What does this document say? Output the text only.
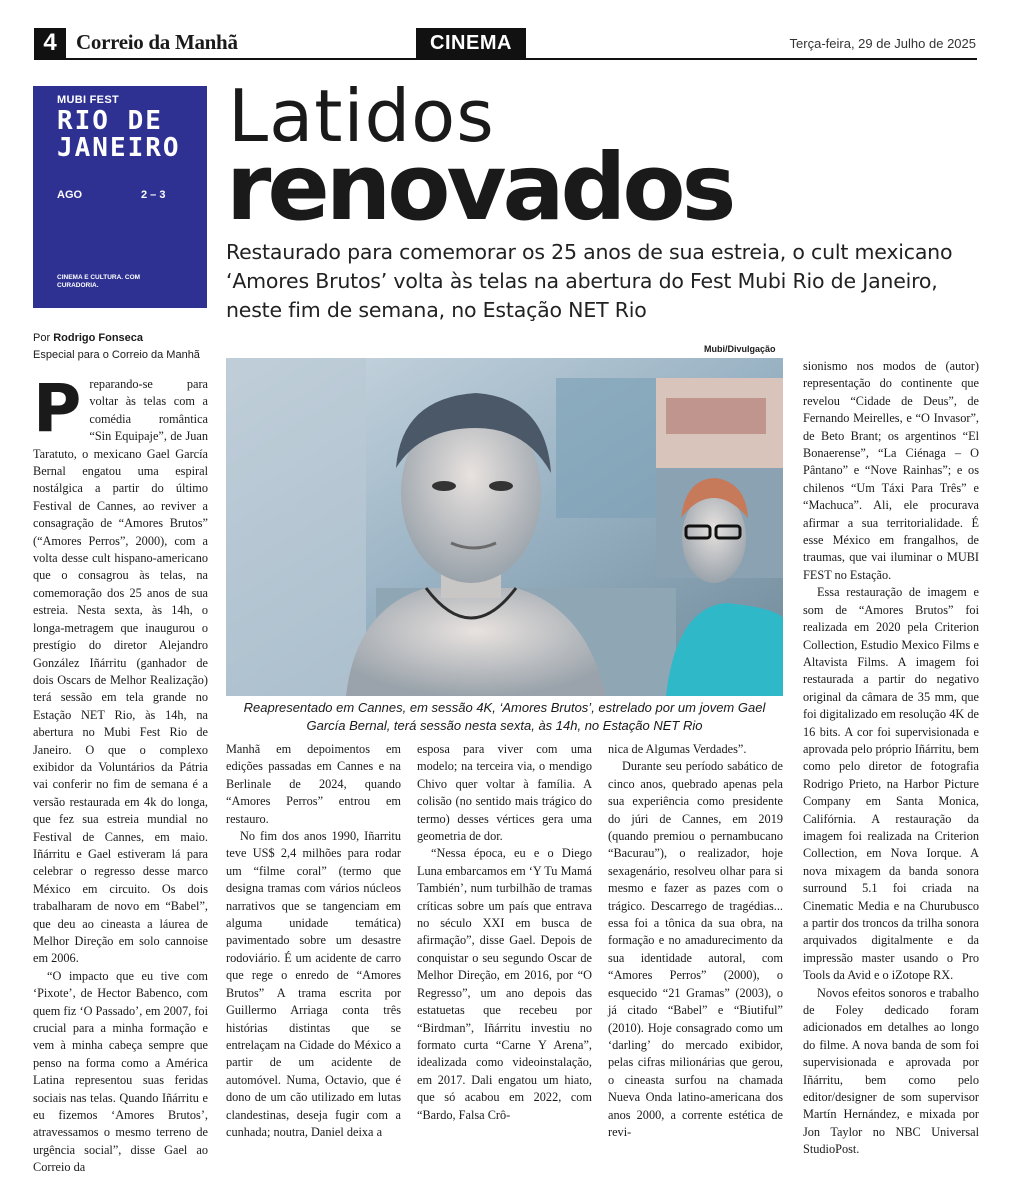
4 Correio da Manhã	CINEMA	Terça-feira, 29 de Julho de 2025
MUBI FEST
RIO DE JANEIRO
AGO	2 – 3
CINEMA E CULTURA. COM CURADORIA.
Latidos
renovados
Restaurado para comemorar os 25 anos de sua estreia, o cult mexicano ‘Amores Brutos’ volta às telas na abertura do Fest Mubi Rio de Janeiro, neste fim de semana, no Estação NET Rio
Por Rodrigo Fonseca
Especial para o Correio da Manhã	Mubi/Divulgação
Reapresentado em Cannes, em sessão 4K, ‘Amores Brutos’, estrelado por um jovem Gael García Bernal, terá sessão nesta sexta, às 14h, no Estação NET Rio

Preparando-se para voltar às telas com a comédia romântica “Sin Equipaje”, de Juan Taratuto, o mexicano Gael García Bernal engatou uma espiral nostálgica a partir do último Festival de Cannes, ao reviver a consagração de “Amores Brutos” (“Amores Perros”, 2000), com a volta desse cult hispano-americano que o consagrou às telas, na comemoração dos 25 anos de sua estreia. Nesta sexta, às 14h, o longa-metragem que inaugurou o prestígio do diretor Alejandro González Iñárritu (ganhador de dois Oscars de Melhor Realização) terá sessão em tela grande no Estação NET Rio, às 14h, na abertura no Mubi Fest Rio de Janeiro. O que o complexo exibidor da Voluntários da Pátria vai conferir no fim de semana é a versão restaurada em 4k do longa, que fez sua estreia mundial no Festival de Cannes, em maio. Iñárritu e Gael estiveram lá para celebrar o regresso desse marco México em circuito. Os dois trabalharam de novo em “Babel”, que deu ao cineasta a láurea de Melhor Direção em solo cannoise em 2006.

“O impacto que eu tive com ‘Pixote’, de Hector Babenco, com quem fiz ‘O Passado’, em 2007, foi crucial para a minha formação e vem à minha cabeça sempre que penso na forma como a América Latina representou suas feridas sociais nas telas. Quando Iñárritu e eu fizemos ‘Amores Brutos’, atravessamos o mesmo terreno de urgência social”, disse Gael ao Correio da

Manhã em depoimentos em edições passadas em Cannes e na Berlinale de 2024, quando “Amores Perros” entrou em restauro.

No fim dos anos 1990, Iñarritu teve US$ 2,4 milhões para rodar um “filme coral” (termo que designa tramas com vários núcleos narrativos que se tangenciam em alguma unidade temática) pavimentado sobre um desastre rodoviário. É um acidente de carro que rege o enredo de “Amores Brutos” A trama escrita por Guillermo Arriaga conta três histórias distintas que se entrelaçam na Cidade do México a partir de um acidente de automóvel. Numa, Octavio, que é dono de um cão utilizado em lutas clandestinas, deseja fugir com a cunhada; noutra, Daniel deixa a

esposa para viver com uma modelo; na terceira via, o mendigo Chivo quer voltar à família. A colisão (no sentido mais trágico do termo) desses vértices gera uma geometria de dor.

“Nessa época, eu e o Diego Luna embarcamos em ‘Y Tu Mamá También’, num turbilhão de tramas críticas sobre um país que entrava no século XXI em busca de afirmação”, disse Gael. Depois de conquistar o seu segundo Oscar de Melhor Direção, em 2016, por “O Regresso”, um ano depois das estatuetas que recebeu por “Birdman”, Iñárritu investiu no formato curta “Carne Y Arena”, idealizada como videoinstalação, em 2017. Dali engatou um hiato, que só acabou em 2022, com “Bardo, Falsa Crô-

nica de Algumas Verdades”.

Durante seu período sabático de cinco anos, quebrado apenas pela sua experiência como presidente do júri de Cannes, em 2019 (quando premiou o pernambucano “Bacurau”), o realizador, hoje sexagenário, resolveu olhar para si mesmo e fazer as pazes com o trágico. Descarrego de tragédias... essa foi a tônica da sua obra, na formação e no amadurecimento da sua identidade autoral, com “Amores Perros” (2000), o esquecido “21 Gramas” (2003), o já citado “Babel” e “Biutiful” (2010). Hoje consagrado como um ‘darling’ do mercado exibidor, pelas cifras milionárias que gerou, o cineasta surfou na chamada Nueva Onda latino-americana dos anos 2000, a corrente estética de revi-

sionismo nos modos de (autor) representação do continente que revelou “Cidade de Deus”, de Fernando Meirelles, e “O Invasor”, de Beto Brant; os argentinos “El Bonaerense”, “La Ciénaga – O Pântano” e “Nove Rainhas”; e os chilenos “Um Táxi Para Três” e “Machuca”. Ali, ele procurava afirmar a sua territorialidade. É esse México em frangalhos, de traumas, que vai iluminar o MUBI FEST no Estação.

Essa restauração de imagem e som de “Amores Brutos” foi realizada em 2020 pela Criterion Collection, Estudio Mexico Films e Altavista Films. A imagem foi restaurada a partir do negativo original da câmara de 35 mm, que foi digitalizado em resolução 4K de 16 bits. A cor foi supervisionada e aprovada pelo próprio Iñárritu, bem como pelo diretor de fotografia Rodrigo Prieto, na Harbor Picture Company em Santa Monica, Califórnia. A restauração da imagem foi realizada na Criterion Collection, em Nova Iorque. A nova mixagem da banda sonora surround 5.1 foi criada na Cinematic Media e na Churubusco a partir dos troncos da trilha sonora arquivados digitalmente e da impressão master usando o Pro Tools da Avid e o iZotope RX.

Novos efeitos sonoros e trabalho de Foley dedicado foram adicionados em detalhes ao longo do filme. A nova banda de som foi supervisionada e aprovada por Iñárritu, bem como pelo editor/designer de som supervisor Martín Hernández, e mixada por Jon Taylor no NBC Universal StudioPost.
